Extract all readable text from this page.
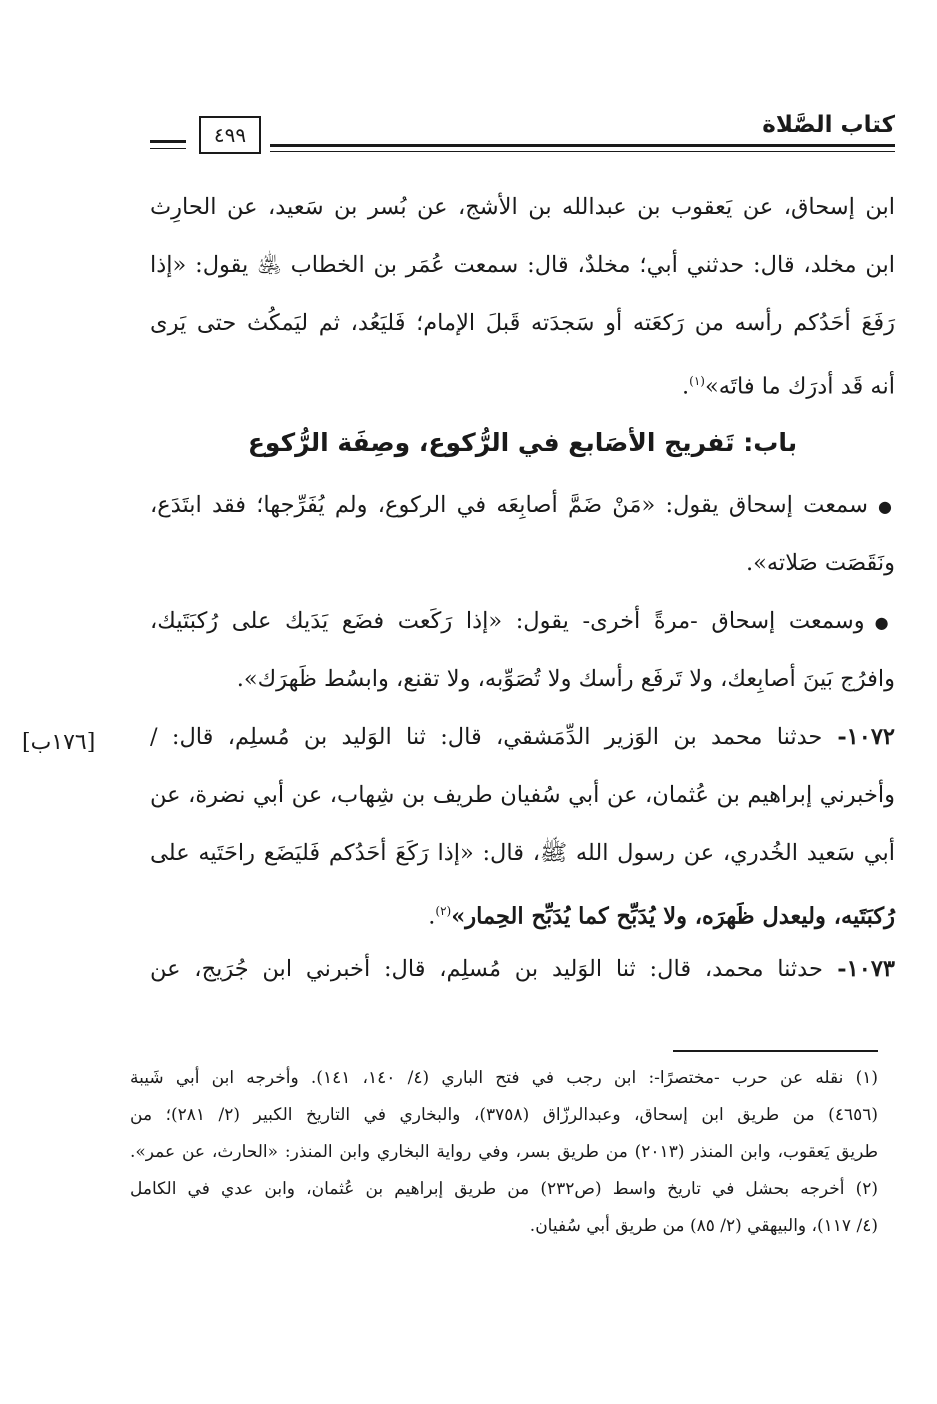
كتاب الصَّلاة
٤٩٩
ابن إسحاق، عن يَعقوب بن عبدالله بن الأشج، عن بُسر بن سَعيد، عن الحارِث
ابن مخلد، قال: حدثني أبي؛ مخلدٌ، قال: سمعت عُمَر بن الخطاب ﵁ يقول: «إذا
رَفَعَ أحَدُكم رأسه من رَكعَته أو سَجدَته قَبلَ الإمام؛ فَليَعُد، ثم ليَمكُث حتى يَرى
أنه قَد أدرَك ما فاتَه»$^{(١)}$.
باب: تَفريج الأصَابع في الرُّكوع، وصِفَة الرُّكوع
●سمعت إسحاق يقول: «مَنْ ضَمَّ أصابِعَه في الركوع، ولم يُفَرِّجها؛ فقد ابتَدَع،
ونَقَصَت صَلاته».
●وسمعت إسحاق -مرةً أخرى- يقول: «إذا رَكَعت فضَع يَدَيك على رُكبَتَيك،
وافرُج بَينَ أصابِعك، ولا تَرفَع رأسك ولا تُصَوِّبه، ولا تقنع، وابسُط ظَهرَك».
١٠٧٢- حدثنا محمد بن الوَزير الدِّمَشقي، قال: ثنا الوَليد بن مُسلِم، قال: /
وأخبرني إبراهيم بن عُثمان، عن أبي سُفيان طريف بن شِهاب، عن أبي نضرة، عن
أبي سَعيد الخُدري، عن رسول الله ﷺ، قال: «إذا رَكَعَ أحَدُكم فَليَضَع راحَتَيه على
رُكبَتَيه، وليعدل ظَهرَه، ولا يُدَبِّح كما يُدَبِّح الحِمار»$^{(٢)}$.
١٠٧٣- حدثنا محمد، قال: ثنا الوَليد بن مُسلِم، قال: أخبرني ابن جُرَيج، عن
[١٧٦ب]
(١) نقله عن حرب -مختصرًا-: ابن رجب في فتح الباري (٤/ ١٤٠، ١٤١). وأخرجه ابن أبي شَيبة
(٤٦٥٦) من طريق ابن إسحاق، وعبدالرزّاق (٣٧٥٨)، والبخاري في التاريخ الكبير (٢/ ٢٨١)؛ من
طريق يَعقوب، وابن المنذر (٢٠١٣) من طريق بسر، وفي رواية البخاري وابن المنذر: «الحارث، عن عمر».
(٢) أخرجه بحشل في تاريخ واسط (ص٢٣٢) من طريق إبراهيم بن عُثمان، وابن عدي في الكامل
(٤/ ١١٧)، والبيهقي (٢/ ٨٥) من طريق أبي سُفيان.
